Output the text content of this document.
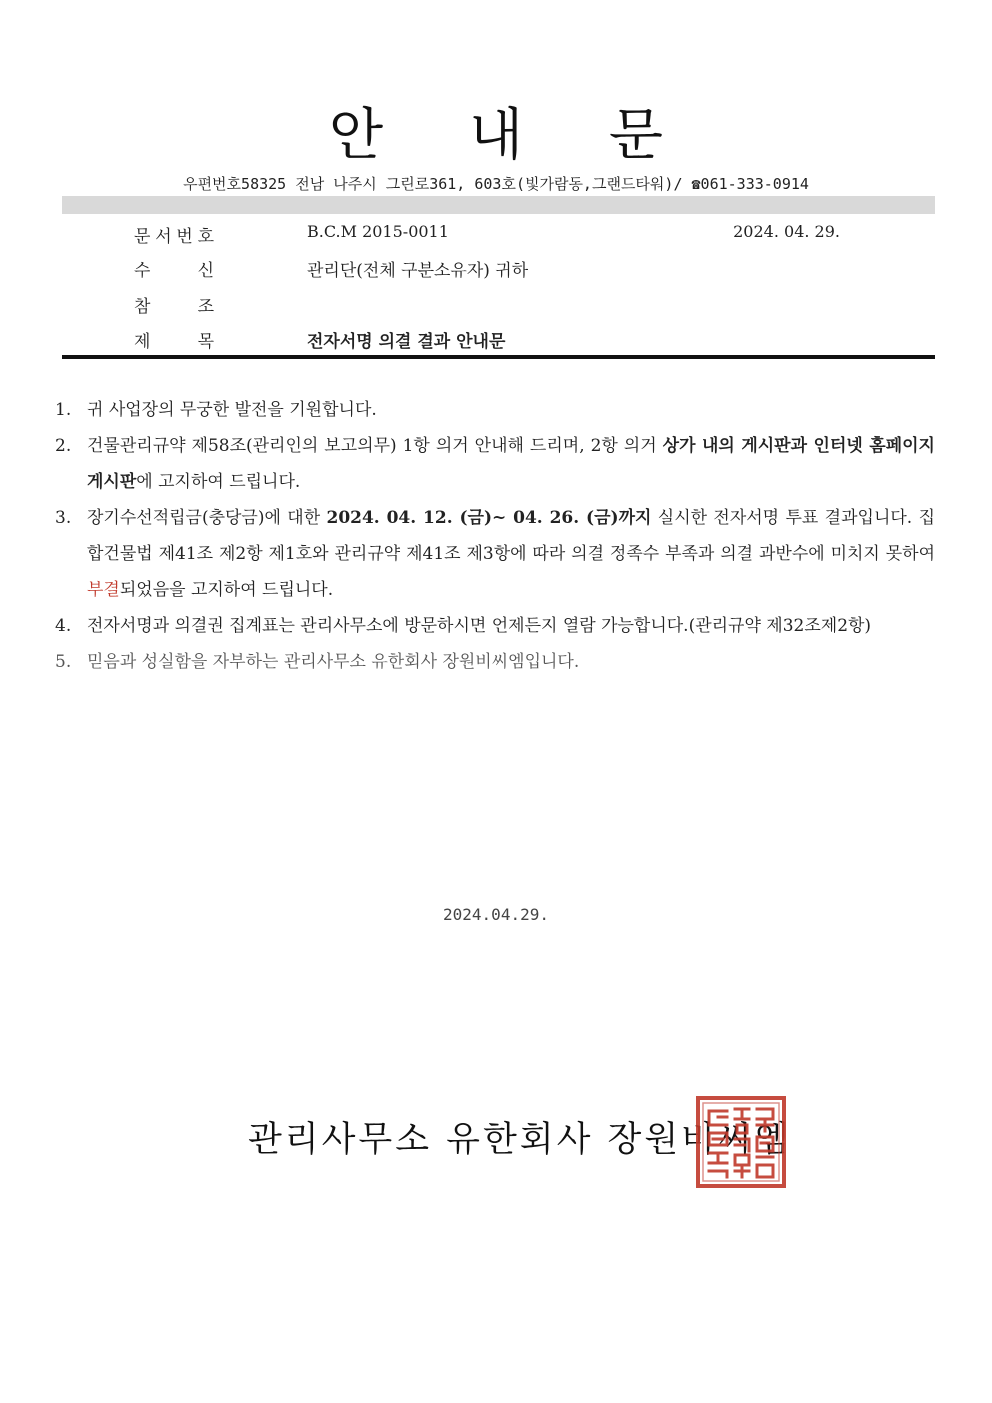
안 내 문
우편번호58325 전남 나주시 그린로361, 603호(빛가람동,그랜드타워)/ ☎061-333-0914
문 서 번 호	B.C.M 2015-0011	2024. 04. 29.
수	신	관리단(전체 구분소유자) 귀하
참	조
제	목	전자서명 의결 결과 안내문
1. 귀 사업장의 무궁한 발전을 기원합니다.
2. 건물관리규약 제58조(관리인의 보고의무) 1항 의거 안내해 드리며, 2항 의거 상가 내의 게시판과 인터넷 홈페이지 게시판에 고지하여 드립니다.
3. 장기수선적립금(충당금)에 대한 2024. 04. 12. (금)~ 04. 26. (금)까지 실시한 전자서명 투표 결과입니다. 집합건물법 제41조 제2항 제1호와 관리규약 제41조 제3항에 따라 의결 정족수 부족과 의결 과반수에 미치지 못하여 부결되었음을 고지하여 드립니다.
4. 전자서명과 의결권 집계표는 관리사무소에 방문하시면 언제든지 열람 가능합니다.(관리규약 제32조제2항)
5. 믿음과 성실함을 자부하는 관리사무소 유한회사 장원비씨엠입니다.
2024.04.29.
관리사무소 유한회사 장원비씨엠
